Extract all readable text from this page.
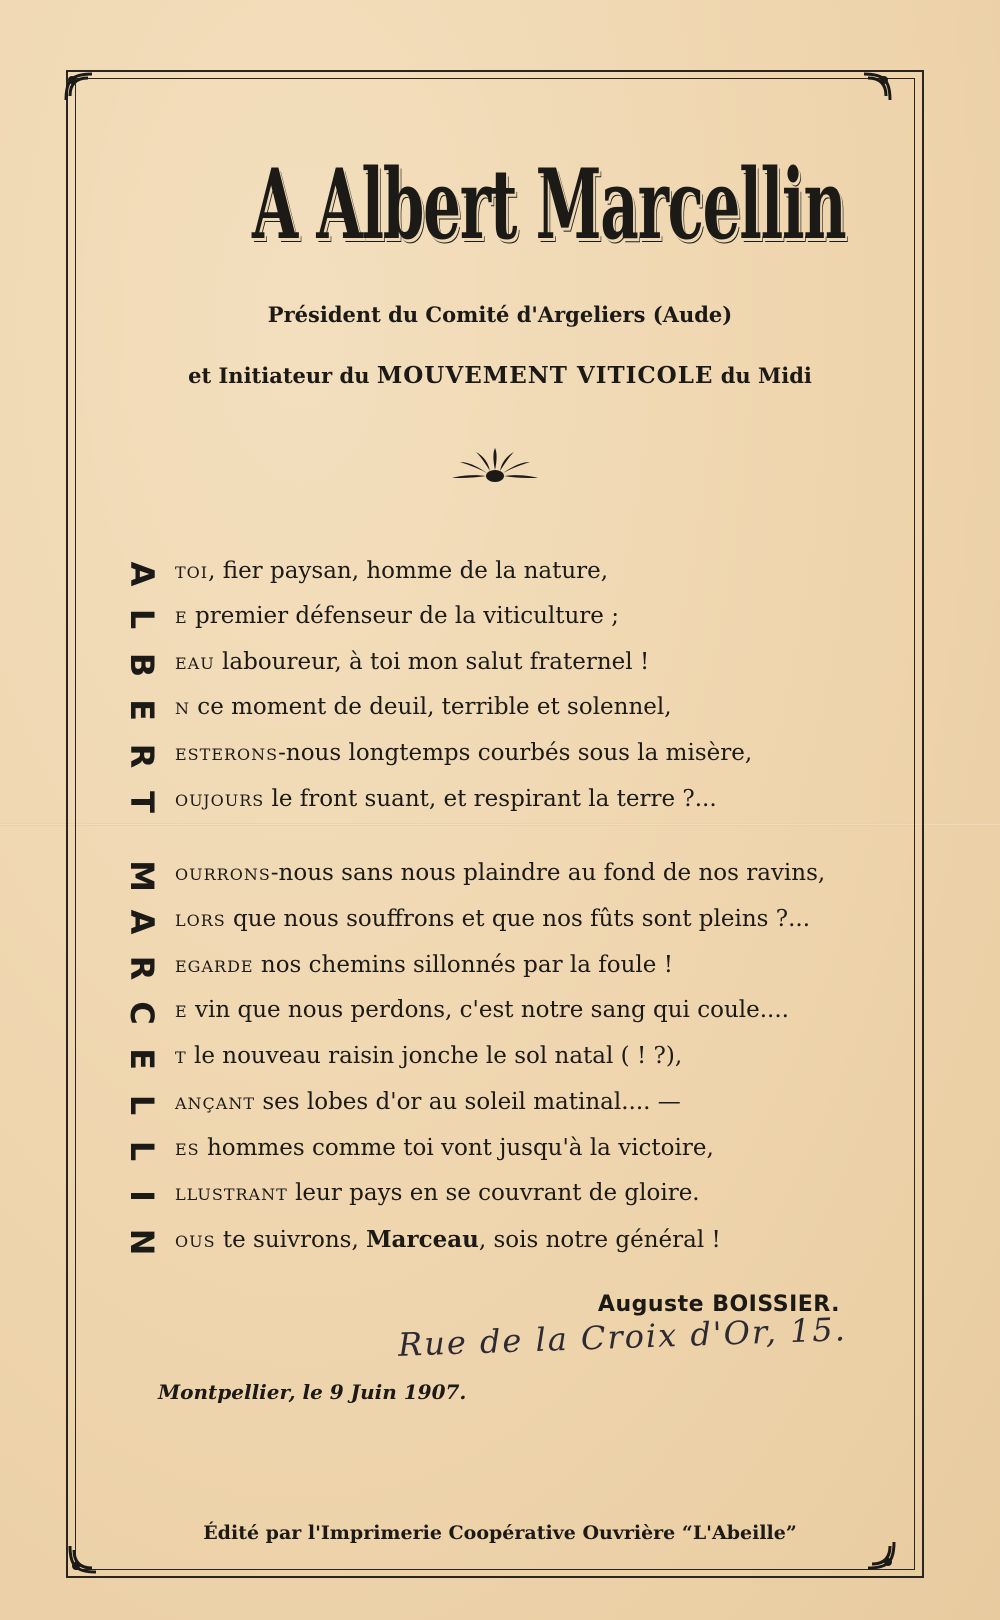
A Albert Marcellin
Président du Comité d'Argeliers (Aude)
et Initiateur du MOUVEMENT VITICOLE du Midi
A
L
B
E
R
T
M
A
R
C
E
L
L
I
N
TOI, fier paysan, homme de la nature,
E premier défenseur de la viticulture ;
EAU laboureur, à toi mon salut fraternel !
N ce moment de deuil, terrible et solennel,
ESTERONS-nous longtemps courbés sous la misère,
OUJOURS le front suant, et respirant la terre ?...
OURRONS-nous sans nous plaindre au fond de nos ravins,
LORS que nous souffrons et que nos fûts sont pleins ?...
EGARDE nos chemins sillonnés par la foule !
E vin que nous perdons, c'est notre sang qui coule....
T le nouveau raisin jonche le sol natal ( ! ?),
ANÇANT ses lobes d'or au soleil matinal.... —
ES hommes comme toi vont jusqu'à la victoire,
LLUSTRANT leur pays en se couvrant de gloire.
OUS te suivrons, Marceau, sois notre général !
Auguste BOISSIER.
Rue de la Croix d'Or, 15.
Montpellier, le 9 Juin 1907.
Édité par l'Imprimerie Coopérative Ouvrière “L'Abeille”
